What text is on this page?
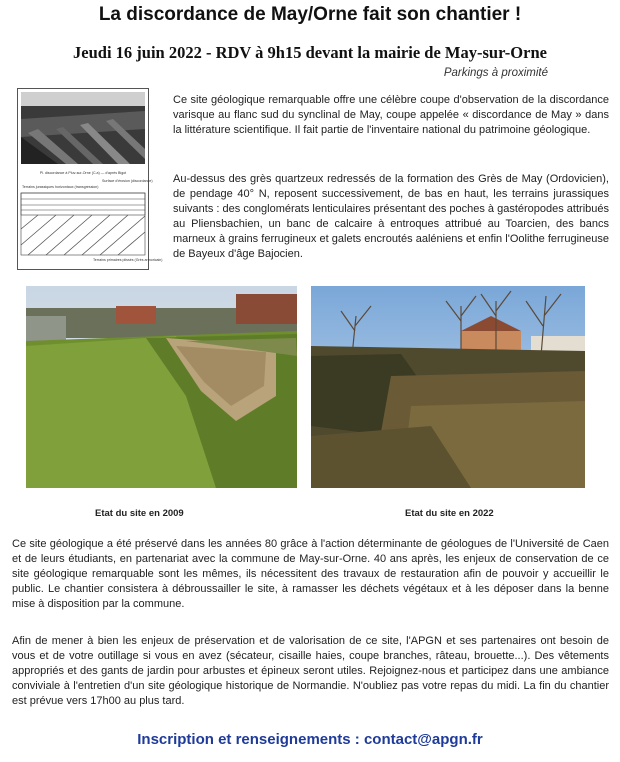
La discordance de May/Orne fait son chantier !
Jeudi 16 juin 2022 - RDV à 9h15 devant la mairie de May-sur-Orne
Parkings à proximité
Pl. discordance à Pluv-sur-Orne (C.a) — d'après Bigot
Terrains jurassiques horizontaux (transgression)
Surface d'érosion (discordance)
Terrains primaires plissés (Grès armoricain)

Ce site géologique remarquable offre une célèbre coupe d'observation de la discordance varisque au flanc sud du synclinal de May, coupe appelée « discordance de May » dans la littérature scientifique. Il fait partie de l'inventaire national du patrimoine géologique.

Au-dessus des grès quartzeux redressés de la formation des Grès de May (Ordovicien), de pendage 40° N, reposent successivement, de bas en haut, les terrains jurassiques suivants : des conglomérats lenticulaires présentant des poches à gastéropodes attribués au Pliensbachien, un banc de calcaire à entroques attribué au Toarcien, des bancs marneux à grains ferrugineux et galets encroutés aaléniens et enfin l'Oolithe ferrugineuse de Bayeux d'âge Bajocien.

Etat du site en 2009	Etat du site en 2022

Ce site géologique a été préservé dans les années 80 grâce à l'action déterminante de géologues de l'Université de Caen et de leurs étudiants, en partenariat avec la commune de May-sur-Orne. 40 ans après, les enjeux de conservation de ce site géologique remarquable sont les mêmes, ils nécessitent des travaux de restauration afin de pouvoir y accueillir le public. Le chantier consistera à débroussailler le site, à ramasser les déchets végétaux et à les déposer dans la benne mise à disposition par la commune.

Afin de mener à bien les enjeux de préservation et de valorisation de ce site, l'APGN et ses partenaires ont besoin de vous et de votre outillage si vous en avez (sécateur, cisaille haies, coupe branches, râteau, brouette...). Des vêtements appropriés et des gants de jardin pour arbustes et épineux seront utiles. Rejoignez-nous et participez dans une ambiance conviviale à l'entretien d'un site géologique historique de Normandie. N'oubliez pas votre repas du midi. La fin du chantier est prévue vers 17h00 au plus tard.

Inscription et renseignements : contact@apgn.fr
